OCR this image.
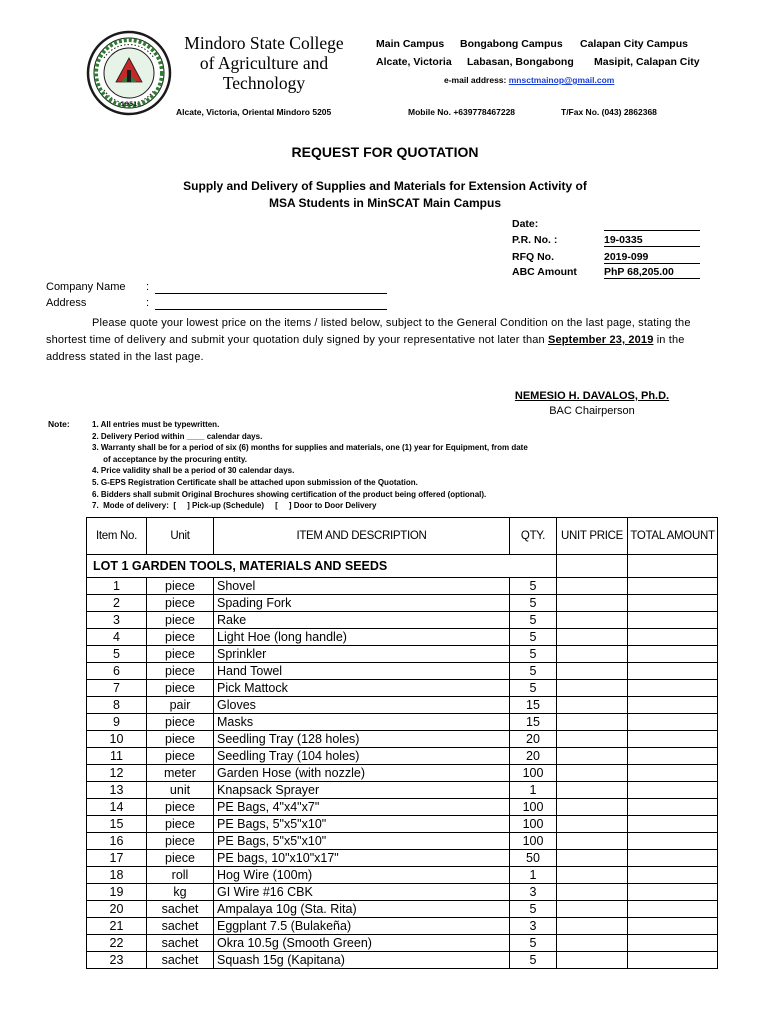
1951
Mindoro State College
of Agriculture and
Technology
Main Campus Bongabong Campus Calapan City Campus
Alcate, Victoria Labasan, Bongabong Masipit, Calapan City
e-mail address: mnsctmainop@gmail.com
Alcate, Victoria, Oriental Mindoro 5205	Mobile No. +639778467228	T/Fax No. (043) 2862368
REQUEST FOR QUOTATION
Supply and Delivery of Supplies and Materials for Extension Activity of
MSA Students in MinSCAT Main Campus
Date:
P.R. No. :	19-0335
RFQ No.	2019-099
ABC Amount	PhP 68,205.00
Company Name :
Address	:
Please quote your lowest price on the items / listed below, subject to the General Condition on the last page, stating the shortest time of delivery and submit your quotation duly signed by your representative not later than September 23, 2019 in the address stated in the last page.
NEMESIO H. DAVALOS, Ph.D.
BAC Chairperson
Note:	1. All entries must be typewritten.
2. Delivery Period within ____ calendar days.
3. Warranty shall be for a period of six (6) months for supplies and materials, one (1) year for Equipment, from date
of acceptance by the procuring entity.
4. Price validity shall be a period of 30 calendar days.
5. G-EPS Registration Certificate shall be attached upon submission of the Quotation.
6. Bidders shall submit Original Brochures showing certification of the product being offered (optional).
7.  Mode of delivery:  [     ] Pick-up (Schedule)     [     ] Door to Door Delivery
Item No.	Unit	ITEM AND DESCRIPTION	QTY.	UNIT PRICE	TOTAL AMOUNT
LOT 1 GARDEN TOOLS, MATERIALS AND SEEDS					
1	piece	Shovel	5		
2	piece	Spading Fork	5		
3	piece	Rake	5		
4	piece	Light Hoe (long handle)	5		
5	piece	Sprinkler	5		
6	piece	Hand Towel	5		
7	piece	Pick Mattock	5		
8	pair	Gloves	15		
9	piece	Masks	15		
10	piece	Seedling Tray (128 holes)	20		
11	piece	Seedling Tray (104 holes)	20		
12	meter	Garden Hose (with nozzle)	100		
13	unit	Knapsack Sprayer	1		
14	piece	PE Bags, 4"x4"x7"	100		
15	piece	PE Bags, 5"x5"x10"	100		
16	piece	PE Bags, 5"x5"x10"	100		
17	piece	PE bags, 10"x10"x17"	50		
18	roll	Hog Wire (100m)	1		
19	kg	GI Wire #16 CBK	3		
20	sachet	Ampalaya 10g (Sta. Rita)	5		
21	sachet	Eggplant 7.5 (Bulakeña)	3		
22	sachet	Okra 10.5g (Smooth Green)	5		
23	sachet	Squash 15g (Kapitana)	5		
